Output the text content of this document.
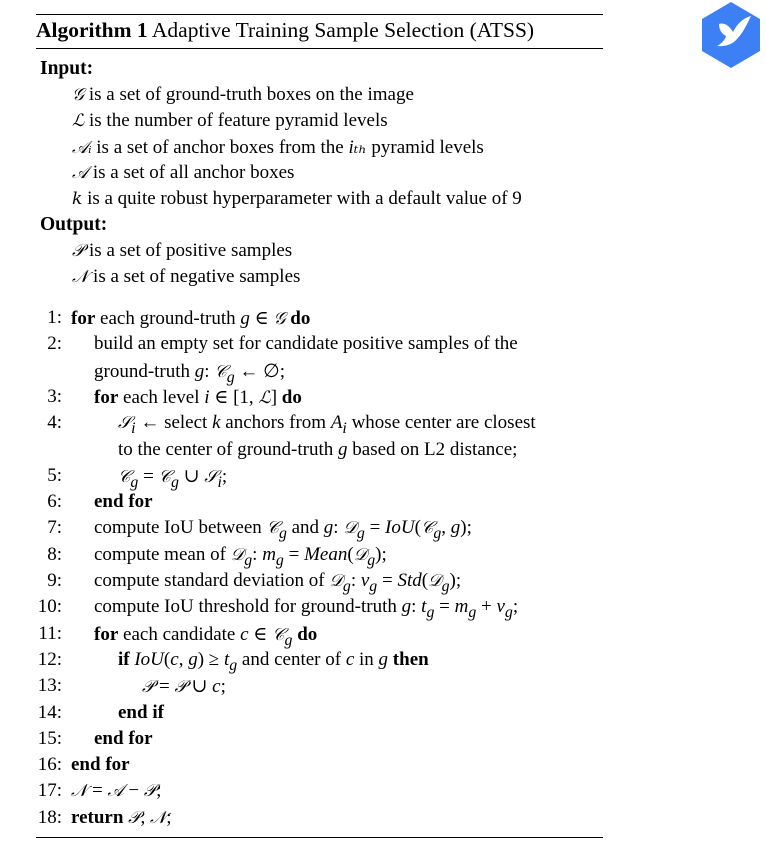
Algorithm 1 Adaptive Training Sample Selection (ATSS)
Input:
𝒢 is a set of ground-truth boxes on the image
ℒ is the number of feature pyramid levels
𝒜ᵢ is a set of anchor boxes from the iₜₕ pyramid levels
𝒜 is a set of all anchor boxes
k is a quite robust hyperparameter with a default value of 9
Output:
𝒫 is a set of positive samples
𝒩 is a set of negative samples
1: for each ground-truth g ∈ 𝒢 do
2: build an empty set for candidate positive samples of the
ground-truth g: 𝒞$_g$ ← ∅;
3: for each level i ∈ [1, ℒ] do
4:	𝒮$_i$ ← select k anchors from $A_i$ whose center are closest
to the center of ground-truth g based on L2 distance;
5:	𝒞$_g$ = 𝒞$_g$ ∪ 𝒮$_i$;
6: end for
7: compute IoU between 𝒞$_g$ and g: 𝒟$_g$ = IoU(𝒞$_g$, g);
8: compute mean of 𝒟$_g$: $m_g$ = Mean(𝒟$_g$);
9: compute standard deviation of 𝒟$_g$: $v_g$ = Std(𝒟$_g$);
10: compute IoU threshold for ground-truth g: $t_g = m_g + v_g$;
11: for each candidate c ∈ 𝒞$_g$ do
12:	if IoU(c, $g) \ge t_g$ and center of c in g then
13:	𝒫 = 𝒫 ∪ c;
14:	end if
15: end for
16: end for
17: 𝒩 = 𝒜 − 𝒫;
18: return 𝒫, 𝒩;
